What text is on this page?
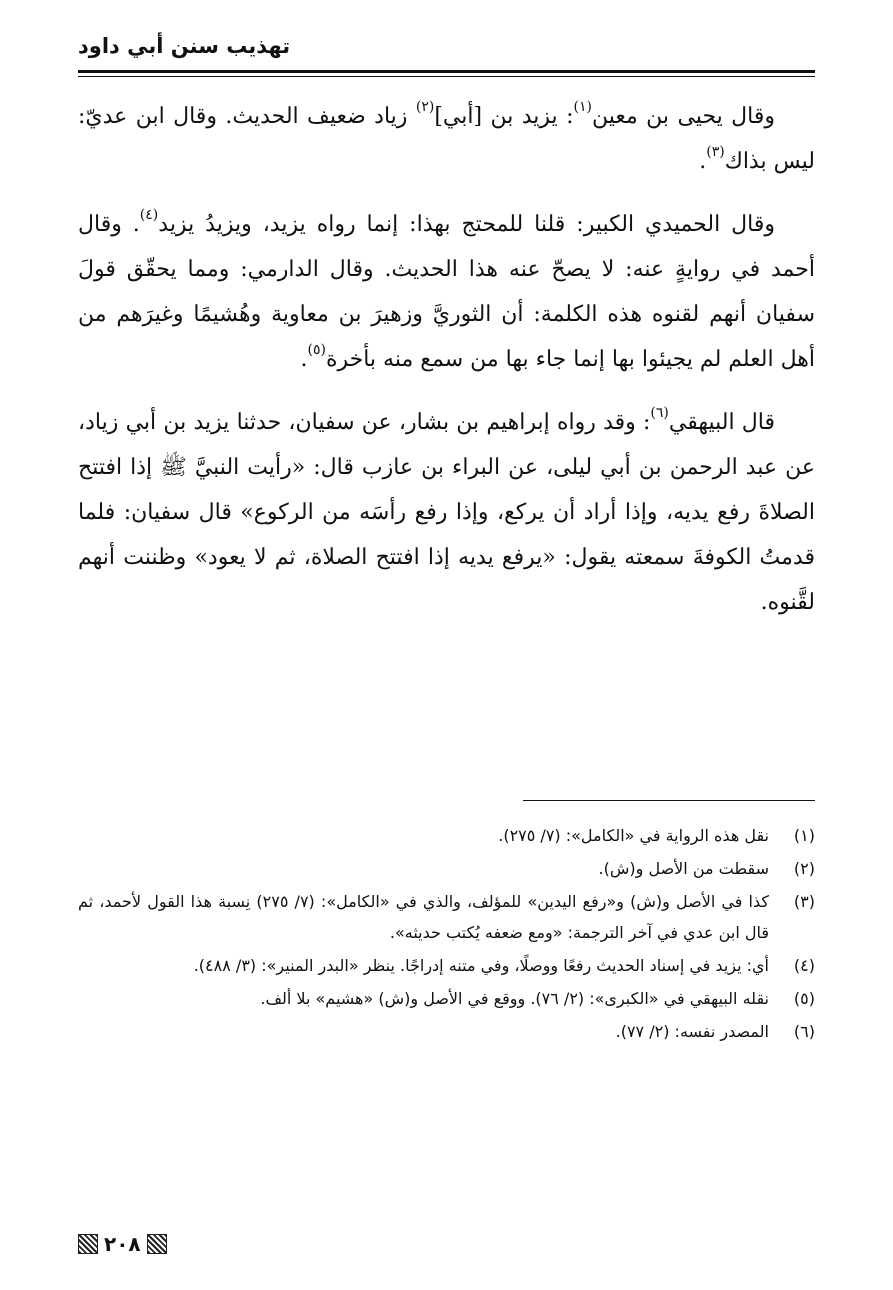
تهذيب سنن أبي داود

وقال يحيى بن معين$^{(١)}$: يزيد بن [أبي]$^{(٢)}$ زياد ضعيف الحديث. وقال ابن عديّ: ليس بذاك$^{(٣)}$.

وقال الحميدي الكبير: قلنا للمحتج بهذا: إنما رواه يزيد، ويزيدُ يزيد$^{(٤)}$. وقال أحمد في روايةٍ عنه: لا يصحّ عنه هذا الحديث. وقال الدارمي: ومما يحقّق قولَ سفيان أنهم لقنوه هذه الكلمة: أن الثوريَّ وزهيرَ بن معاوية وهُشيمًا وغيرَهم من أهل العلم لم يجيئوا بها إنما جاء بها من سمع منه بأخرة$^{(٥)}$.

قال البيهقي$^{(٦)}$: وقد رواه إبراهيم بن بشار، عن سفيان، حدثنا يزيد بن أبي زياد، عن عبد الرحمن بن أبي ليلى، عن البراء بن عازب قال: «رأيت النبيَّ ﷺ إذا افتتح الصلاةَ رفع يديه، وإذا أراد أن يركع، وإذا رفع رأسَه من الركوع» قال سفيان: فلما قدمتُ الكوفةَ سمعته يقول: «يرفع يديه إذا افتتح الصلاة، ثم لا يعود» وظننت أنهم لقَّنوه.

(١)
نقل هذه الرواية في «الكامل»: (٧/ ٢٧٥).
(٢)
سقطت من الأصل و(ش).
(٣)
كذا في الأصل و(ش) و«رفع اليدين» للمؤلف، والذي في «الكامل»: (٧/ ٢٧٥) نِسبة هذا القول لأحمد، ثم قال ابن عدي في آخر الترجمة: «ومع ضعفه يُكتب حديثه».
(٤)
أي: يزيد في إسناد الحديث رفعًا ووصلًا، وفي متنه إدراجًا. ينظر «البدر المنير»: (٣/ ٤٨٨).
(٥)
نقله البيهقي في «الكبرى»: (٢/ ٧٦). ووقع في الأصل و(ش) «هشيم» بلا ألف.
(٦)
المصدر نفسه: (٢/ ٧٧).
٢٠٨
